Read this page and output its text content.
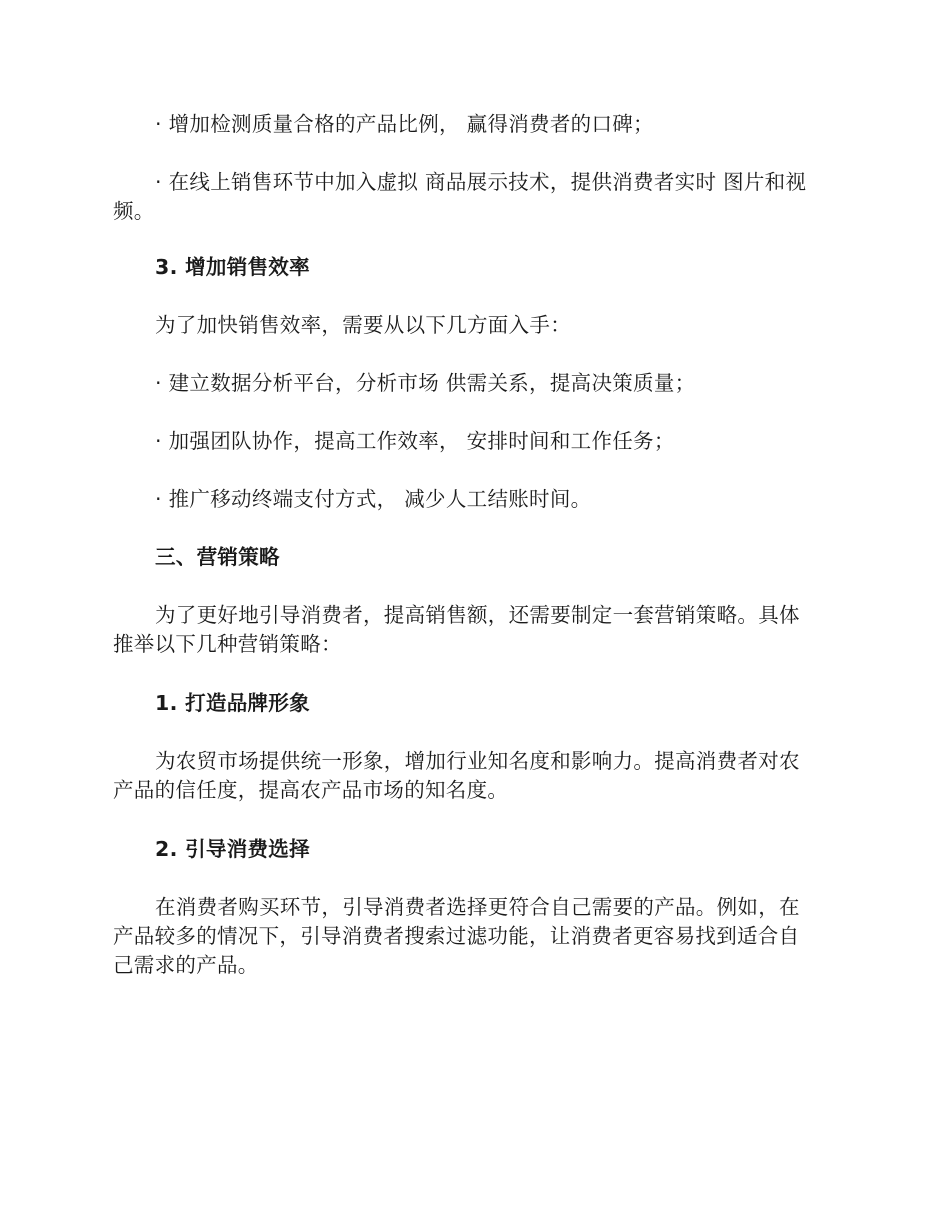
· 增加检测质量合格的产品比例， 赢得消费者的口碑；
· 在线上销售环节中加入虚拟 商品展示技术，提供消费者实时 图片和视
频。
3. 增加销售效率
为了加快销售效率，需要从以下几方面入手：
· 建立数据分析平台，分析市场 供需关系，提高决策质量；
· 加强团队协作，提高工作效率， 安排时间和工作任务；
· 推广移动终端支付方式， 减少人工结账时间。
三、营销策略
为了更好地引导消费者，提高销售额，还需要制定一套营销策略。具体
推举以下几种营销策略：
1. 打造品牌形象
为农贸市场提供统一形象，增加行业知名度和影响力。提高消费者对农
产品的信任度，提高农产品市场的知名度。
2. 引导消费选择
在消费者购买环节，引导消费者选择更符合自己需要的产品。例如，在
产品较多的情况下，引导消费者搜索过滤功能，让消费者更容易找到适合自
己需求的产品。
